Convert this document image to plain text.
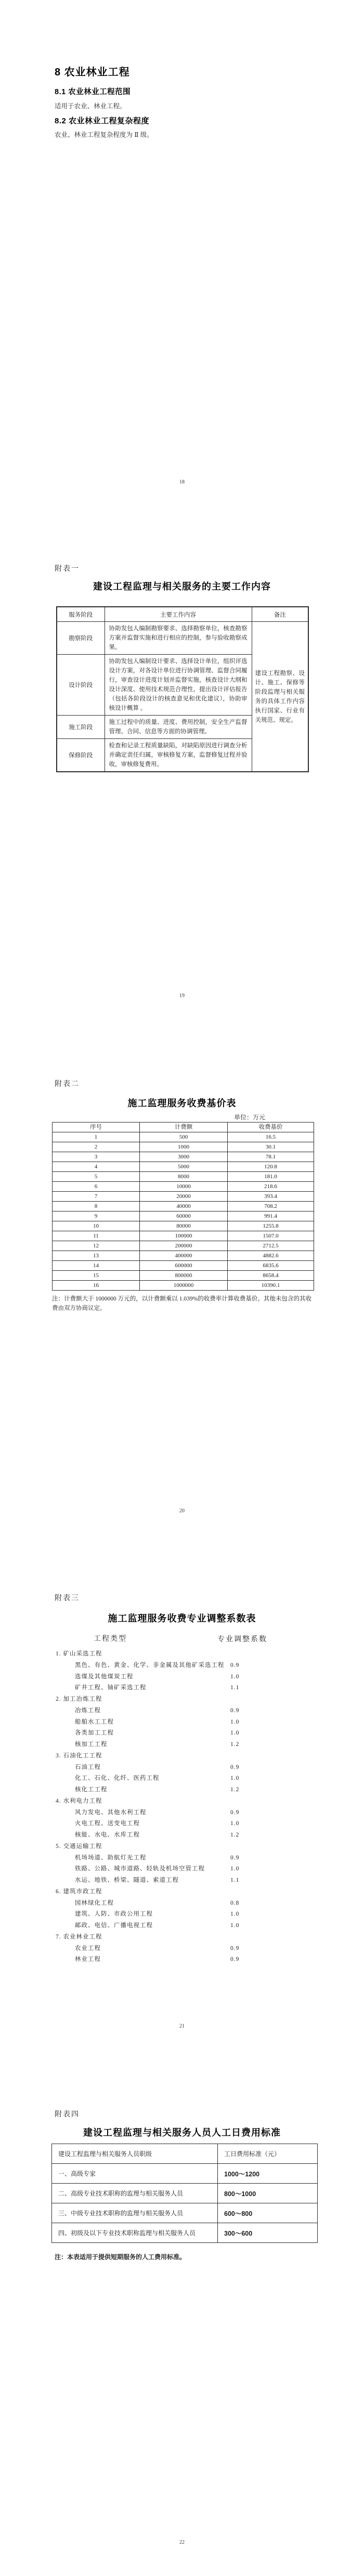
8 农业林业工程
8.1 农业林业工程范围

适用于农业、林业工程。

8.2 农业林业工程复杂程度

农业、林业工程复杂程度为 Ⅱ 级。

18
附表一
建设工程监理与相关服务的主要工作内容
服务阶段	主要工作内容	备注
勘察阶段	协助发包人编制勘察要求、选择勘察单位，核查勘察方案并监督实施和进行相应的控制，参与验收勘察成果。	建设工程勘察、设计、施工、保修等阶段监理与相关服务的具体工作内容执行国家、行业有关规范、规定。
设计阶段	协助发包人编制设计要求、选择设计单位，组织评选设计方案，对各设计单位进行协调管理、监督合同履行，审查设计进度计划并监督实施，核查设计大纲和设计深度、使用技术规范合理性，提出设计评估报告（包括各阶段设计的核查意见和优化建议），协助审核设计概算 。	
施工阶段	施工过程中的质量、进度、费用控制，安全生产监督管理、合同、信息等方面的协调管理。	
保修阶段	检查和记录工程质量缺陷，对缺陷原因进行调查分析并确定责任归属，审核修复方案，监督修复过程并验收，审核修复费用。	
19
附表二
施工监理服务收费基价表
单位：万元
序号	计费额	收费基价
1	500	16.5
2	1000	30.1
3	3000	78.1
4	5000	120.8
5	8000	181.0
6	10000	218.6
7	20000	393.4
8	40000	708.2
9	60000	991.4
10	80000	1255.8
11	100000	1507.0
12	200000	2712.5
13	400000	4882.6
14	600000	6835.6
15	800000	8658.4
16	1000000	10390.1
注：计费额大于 1000000 万元的，以计费额乘以 1.039%的收费率计算收费基价。其他未包含的其收费由双方协商议定。
20
附表三
施工监理服务收费专业调整系数表
工程类型	专业调整系数
1. 矿山采选工程
黑色、有色、黄金、化学、非金属及其他矿采选工程 0.9
选煤及其他煤炭工程	1.0
矿井工程、铀矿采选工程	1.1
2. 加工冶炼工程
冶炼工程	0.9
船舶水工工程	1.0
各类加工工程	1.0
核加工工程	1.2
3. 石油化工工程
石油工程	0.9
化工、石化、化纤、医药工程	1.0
核化工工程	1.2
4. 水利电力工程
风力发电、其他水利工程	0.9
火电工程、送变电工程	1.0
核能、水电、水库工程	1.2
5. 交通运输工程
机场场道、助航灯光工程	0.9
铁路、公路、城市道路、轻轨及机场空管工程	1.0
水运、地铁、桥梁、隧道、索道工程	1.1
6. 建筑市政工程
园林绿化工程	0.8
建筑、人防、市政公用工程	1.0
邮政、电信、广播电视工程	1.0
7. 农业林业工程
农业工程	0.9
林业工程	0.9
21
附表四
建设工程监理与相关服务人员人工日费用标准
建设工程监理与相关服务人员职级	工日费用标准（元）
一、高级专家	1000～1200
二、高级专业技术职称的监理与相关服务人员	800～1000
三、中级专业技术职称的监理与相关服务人员	600～800
四、初级及以下专业技术职称监理与相关服务人员	300～600
注：本表适用于提供短期服务的人工费用标准。
22
